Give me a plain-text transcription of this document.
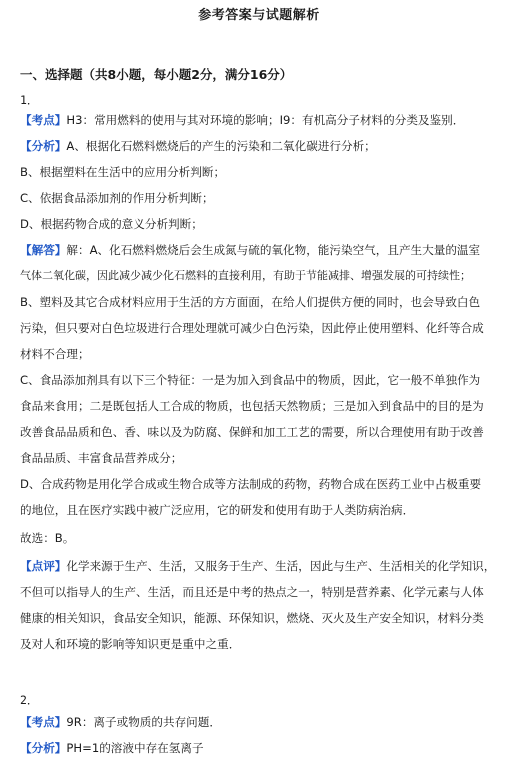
参考答案与试题解析
一、选择题（共8小题，每小题2分，满分16分）
1．
【考点】H3：常用燃料的使用与其对环境的影响；I9：有机高分子材料的分类及鉴别．
【分析】A、根据化石燃料燃烧后的产生的污染和二氧化碳进行分析；
B、根据塑料在生活中的应用分析判断；
C、依据食品添加剂的作用分析判断；
D、根据药物合成的意义分析判断；
【解答】解：A、化石燃料燃烧后会生成氮与硫的氧化物，能污染空气，且产生大量的温室
气体二氧化碳，因此减少减少化石燃料的直接利用，有助于节能减排、增强发展的可持续性；
B、塑料及其它合成材料应用于生活的方方面面，在给人们提供方便的同时，也会导致白色
污染，但只要对白色垃圾进行合理处理就可减少白色污染，因此停止使用塑料、化纤等合成
材料不合理；
C、食品添加剂具有以下三个特征：一是为加入到食品中的物质，因此，它一般不单独作为
食品来食用；二是既包括人工合成的物质，也包括天然物质；三是加入到食品中的目的是为
改善食品品质和色、香、味以及为防腐、保鲜和加工工艺的需要，所以合理使用有助于改善
食品品质、丰富食品营养成分；
D、合成药物是用化学合成或生物合成等方法制成的药物，药物合成在医药工业中占极重要
的地位，且在医疗实践中被广泛应用，它的研发和使用有助于人类防病治病．
故选：B。
【点评】化学来源于生产、生活，又服务于生产、生活，因此与生产、生活相关的化学知识，
不但可以指导人的生产、生活，而且还是中考的热点之一，特别是营养素、化学元素与人体
健康的相关知识，食品安全知识，能源、环保知识，燃烧、灭火及生产安全知识，材料分类
及对人和环境的影响等知识更是重中之重．
2．
【考点】9R：离子或物质的共存问题．
【分析】PH=1的溶液中存在氢离子
